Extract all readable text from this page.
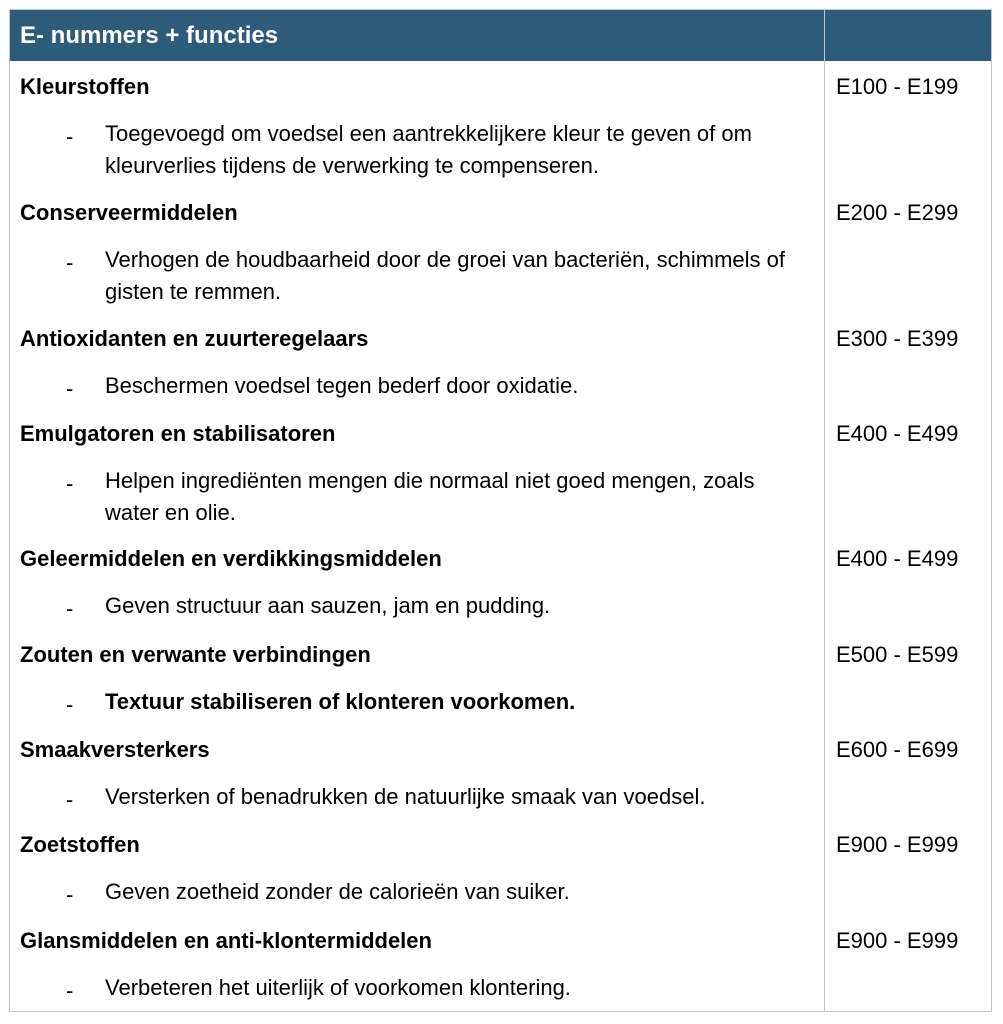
E- nummers + functies
Kleurstoffen	E100 - E199
- Toegevoegd om voedsel een aantrekkelijkere kleur te geven of om kleurverlies tijdens de verwerking te compenseren.
Conserveermiddelen	E200 - E299
- Verhogen de houdbaarheid door de groei van bacteriën, schimmels of gisten te remmen.
Antioxidanten en zuurteregelaars	E300 - E399
- Beschermen voedsel tegen bederf door oxidatie.
Emulgatoren en stabilisatoren	E400 - E499
- Helpen ingrediënten mengen die normaal niet goed mengen, zoals water en olie.
Geleermiddelen en verdikkingsmiddelen	E400 - E499
- Geven structuur aan sauzen, jam en pudding.
Zouten en verwante verbindingen	E500 - E599
- Textuur stabiliseren of klonteren voorkomen.
Smaakversterkers	E600 - E699
- Versterken of benadrukken de natuurlijke smaak van voedsel.
Zoetstoffen	E900 - E999
- Geven zoetheid zonder de calorieën van suiker.
Glansmiddelen en anti-klontermiddelen	E900 - E999
- Verbeteren het uiterlijk of voorkomen klontering.
